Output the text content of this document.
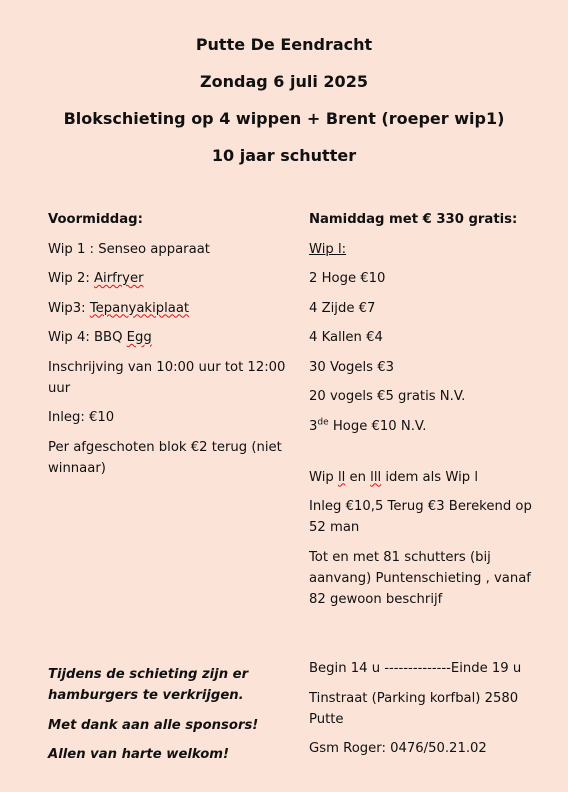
Putte De Eendracht
Zondag 6 juli 2025
Blokschieting op 4 wippen + Brent (roeper wip1)
10 jaar schutter

Voormiddag:

Wip 1 : Senseo apparaat

Wip 2: Airfryer

Wip3: Tepanyakiplaat

Wip 4: BBQ Egg

Inschrijving van 10:00 uur tot 12:00 uur

Inleg: €10

Per afgeschoten blok €2 terug (niet winnaar)

Namiddag met € 330 gratis:

Wip l:

2 Hoge €10

4 Zijde €7

4 Kallen €4

30 Vogels €3

20 vogels €5 gratis N.V.

3de Hoge €10 N.V.

Wip ll en lll idem als Wip l

Inleg €10,5 Terug €3 Berekend op 52 man

Tot en met 81 schutters (bij aanvang) Puntenschieting , vanaf 82 gewoon beschrijf

Tijdens de schieting zijn er hamburgers te verkrijgen.

Met dank aan alle sponsors!

Allen van harte welkom!

Begin 14 u --------------Einde 19 u

Tinstraat (Parking korfbal) 2580 Putte

Gsm Roger: 0476/50.21.02
